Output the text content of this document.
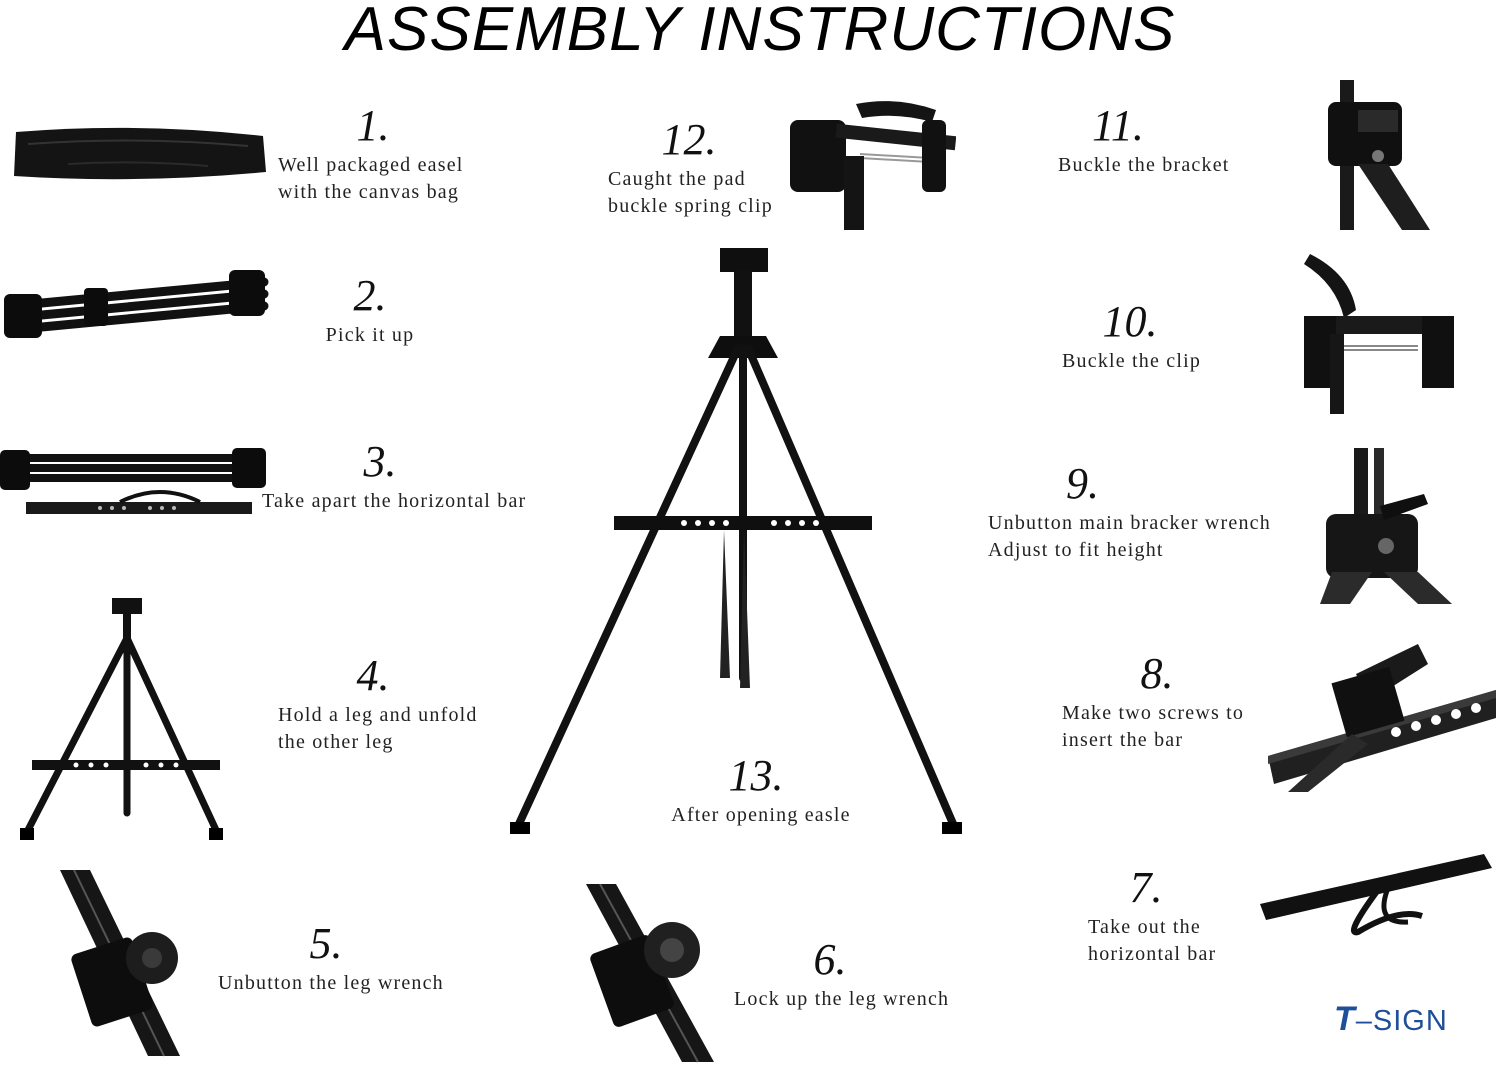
ASSEMBLY INSTRUCTIONS
1.
Well packaged easel
with the canvas bag
2.
Pick it up
3.
Take apart the horizontal bar
4.
Hold a leg and unfold
the other leg
5.
Unbutton the leg wrench	6.
Lock up the leg wrench
7.
Take out the
horizontal bar
8.
Make two screws to
insert the bar
9.
Unbutton main bracker wrench
Adjust to fit height
10.
Buckle the clip
11.
Buckle the bracket
12.
Caught the pad
buckle spring clip
13.
After opening easle
T–SIGN
